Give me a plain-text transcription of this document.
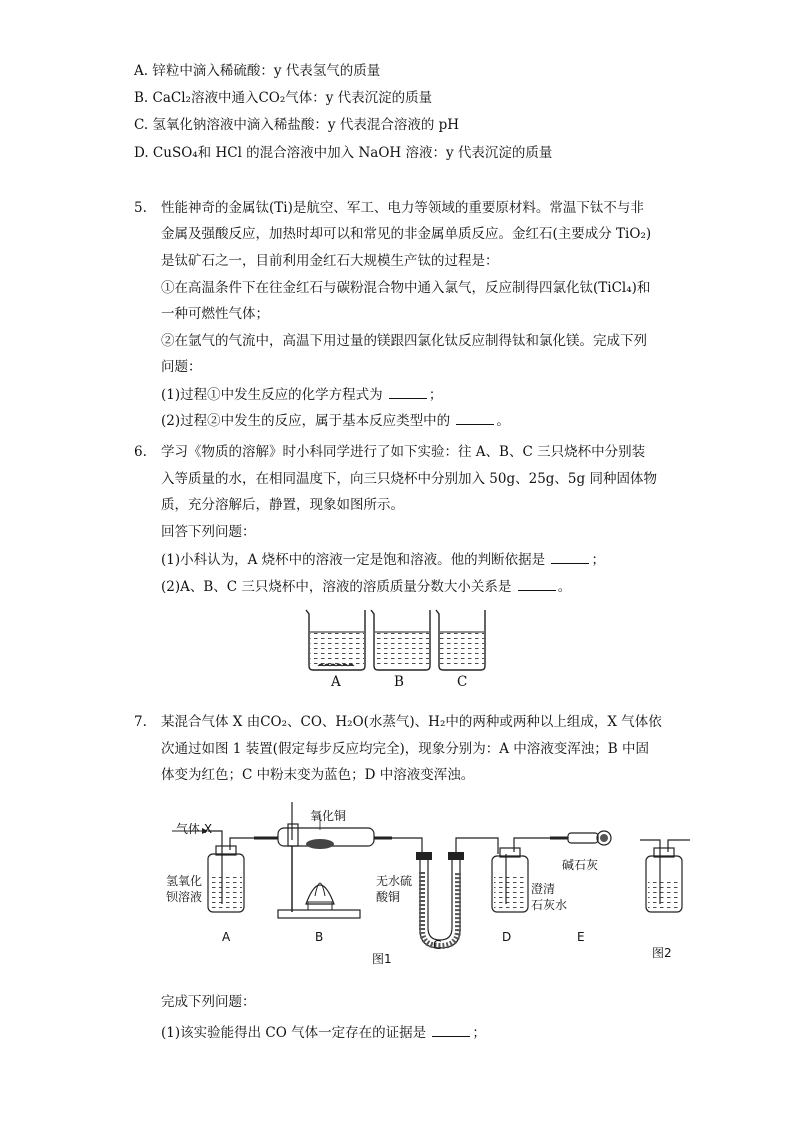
A. 锌粒中滴入稀硫酸：y 代表氢气的质量
B. CaCl₂溶液中通入CO₂气体：y 代表沉淀的质量
C. 氢氧化钠溶液中滴入稀盐酸：y 代表混合溶液的 pH
D. CuSO₄和 HCl 的混合溶液中加入 NaOH 溶液：y 代表沉淀的质量
5. 性能神奇的金属钛(Ti)是航空、军工、电力等领域的重要原材料。常温下钛不与非
金属及强酸反应，加热时却可以和常见的非金属单质反应。金红石(主要成分 TiO₂)
是钛矿石之一，目前利用金红石大规模生产钛的过程是：
①在高温条件下在往金红石与碳粉混合物中通入氯气，反应制得四氯化钛(TiCl₄)和
一种可燃性气体；
②在氩气的气流中，高温下用过量的镁跟四氯化钛反应制得钛和氯化镁。完成下列
问题：
(1)过程①中发生反应的化学方程式为	；
(2)过程②中发生的反应，属于基本反应类型中的	。
6. 学习《物质的溶解》时小科同学进行了如下实验：往 A、B、C 三只烧杯中分别装
入等质量的水，在相同温度下，向三只烧杯中分别加入 50g、25g、5g 同种固体物
质，充分溶解后，静置，现象如图所示。
回答下列问题：
(1)小科认为，A 烧杯中的溶液一定是饱和溶液。他的判断依据是	；
(2)A、B、C 三只烧杯中，溶液的溶质质量分数大小关系是	。
A	B	C
7. 某混合气体 X 由CO₂、CO、H₂O(水蒸气)、H₂中的两种或两种以上组成，X 气体依
次通过如图 1 装置(假定每步反应均完全)，现象分别为：A 中溶液变浑浊；B 中固
体变为红色；C 中粉末变为蓝色；D 中溶液变浑浊。
气体 X
氧化铜
氢氧化
钡溶液
无水硫
酸铜
澄清
石灰水
碱石灰
A	B
C
D	E
图1	图2
完成下列问题：
(1)该实验能得出 CO 气体一定存在的证据是	；
